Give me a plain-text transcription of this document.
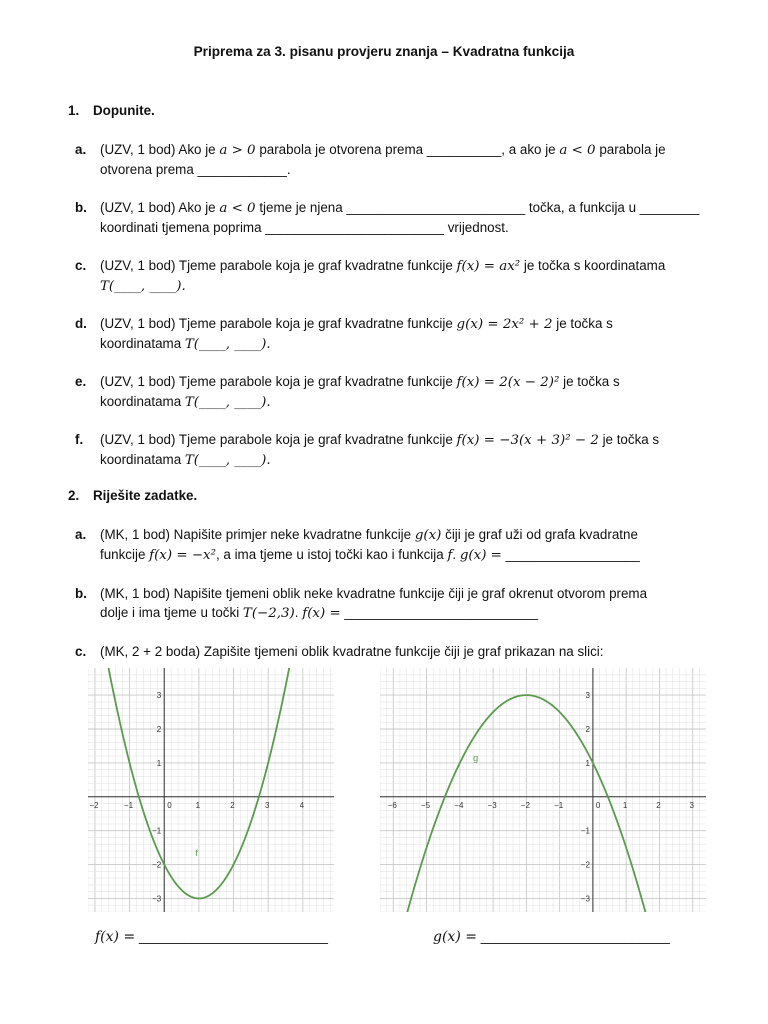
Priprema za 3. pisanu provjeru znanja – Kvadratna funkcija
1. Dopunite.
a. (UZV, 1 bod) Ako je a > 0 parabola je otvorena prema __________, a ako je a < 0 parabola je
otvorena prema ____________.
b. (UZV, 1 bod) Ako je a < 0 tjeme je njena ________________________ točka, a funkcija u ________
koordinati tjemena poprima ________________________ vrijednost.
c. (UZV, 1 bod) Tjeme parabole koja je graf kvadratne funkcije f(x) = ax² je točka s koordinatama
T(____, ____).
d. (UZV, 1 bod) Tjeme parabole koja je graf kvadratne funkcije g(x) = 2x² + 2 je točka s
koordinatama T(____, ____).
e. (UZV, 1 bod) Tjeme parabole koja je graf kvadratne funkcije f(x) = 2(x − 2)² je točka s
koordinatama T(____, ____).
f. (UZV, 1 bod) Tjeme parabole koja je graf kvadratne funkcije f(x) = −3(x + 3)² − 2 je točka s
koordinatama T(____, ____).
2. Riješite zadatke.
a. (MK, 1 bod) Napišite primjer neke kvadratne funkcije g(x) čiji je graf uži od grafa kvadratne
funkcije f(x) = −x², a ima tjeme u istoj točki kao i funkcija f. g(x) = __________________
b. (MK, 1 bod) Napišite tjemeni oblik neke kvadratne funkcije čiji je graf okrenut otvorom prema
dolje i ima tjeme u točki T(−2,3). f(x) = __________________________
c. (MK, 2 + 2 boda) Zapišite tjemeni oblik kvadratne funkcije čiji je graf prikazan na slici:
−2	−1	0	1	2	3	4
3
2
1
−1
−2
−3
f
−6	−5	−4	−3	−2	−1	0	1	2	3
3
2
1
−1
−2
−3
g
f(x) = _________________________	g(x) = _________________________
